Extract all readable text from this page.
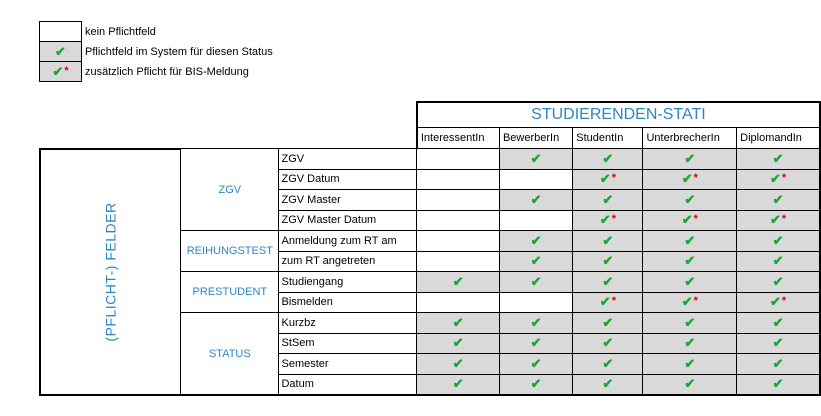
	kein Pflichtfeld
✔	Pflichtfeld im System für diesen Status
✔*	zusätzlich Pflicht für BIS-Meldung
			STUDIERENDEN-STATI				
			InteressentIn	BewerberIn	StudentIn	UnterbrecherIn	DiplomandIn
(PFLICHT-) FELDER	ZGV	ZGV		✔	✔	✔	✔
		ZGV Datum			✔*	✔*	✔*
		ZGV Master		✔	✔	✔	✔
		ZGV Master Datum			✔*	✔*	✔*
	REIHUNGSTEST	Anmeldung zum RT am		✔	✔	✔	✔
		zum RT angetreten		✔	✔	✔	✔
	PRESTUDENT	Studiengang	✔	✔	✔	✔	✔
		Bismelden			✔*	✔*	✔*
	STATUS	Kurzbz	✔	✔	✔	✔	✔
		StSem	✔	✔	✔	✔	✔
		Semester	✔	✔	✔	✔	✔
		Datum	✔	✔	✔	✔	✔
